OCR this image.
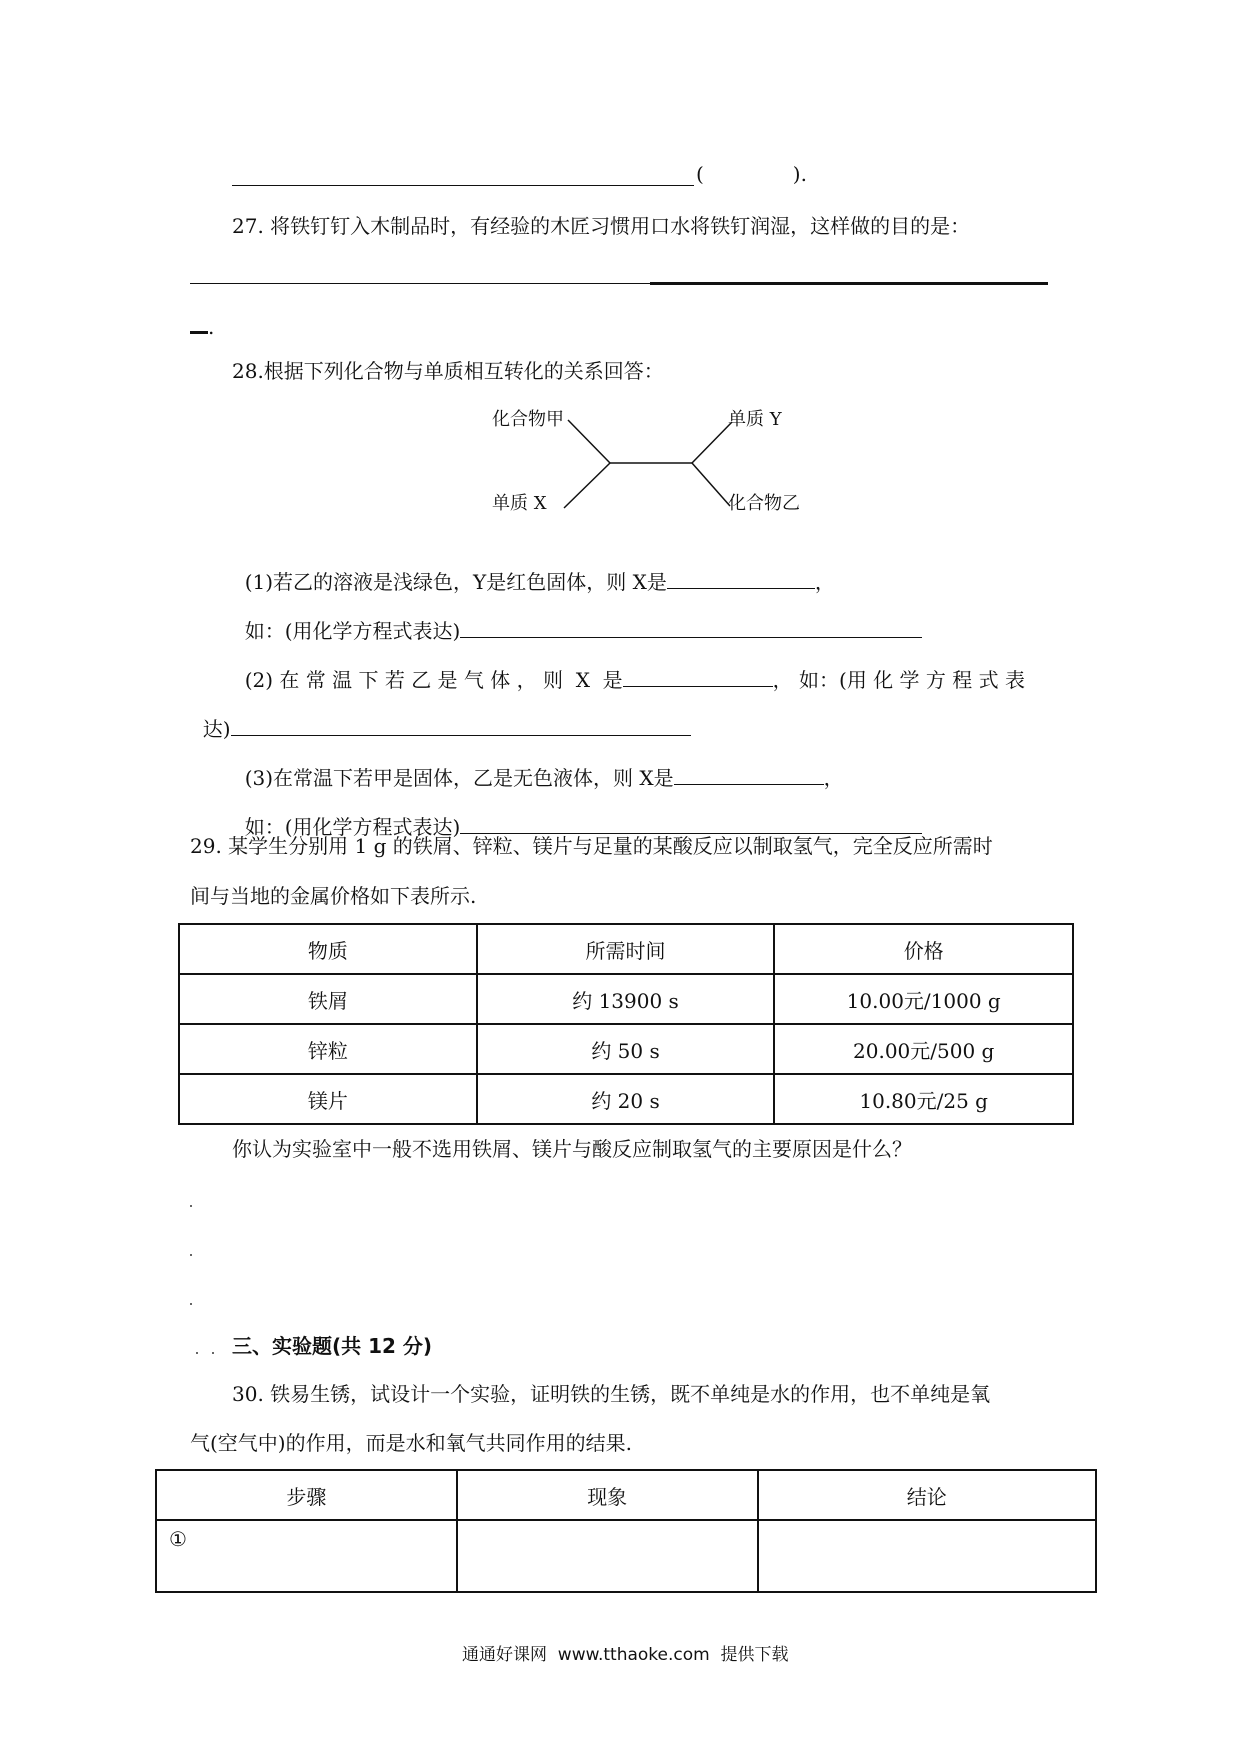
(              ).
27. 将铁钉钉入木制品时，有经验的木匠习惯用口水将铁钉润湿，这样做的目的是：
.
28.根据下列化合物与单质相互转化的关系回答：
化合物甲	单质 Y
单质 X	化合物乙

(1)若乙的溶液是浅绿色，Y是红色固体，则 X是	，

如：(用化学方程式表达)

(2) 在 常 温 下 若 乙 是 气 体 ， 则  X  是	， 如：(用 化 学 方 程 式 表

达)

(3)在常温下若甲是固体，乙是无色液体，则 X是	，

如：(用化学方程式表达)

29. 某学生分别用 1 g 的铁屑、锌粒、镁片与足量的某酸反应以制取氢气，完全反应所需时
间与当地的金属价格如下表所示.
物质	所需时间	价格
铁屑	约 13900 s	10.00元/1000 g
锌粒	约 50 s	20.00元/500 g
镁片	约 20 s	10.80元/25 g
你认为实验室中一般不选用铁屑、镁片与酸反应制取氢气的主要原因是什么？
三、实验题(共 12 分)
30. 铁易生锈，试设计一个实验，证明铁的生锈，既不单纯是水的作用，也不单纯是氧
气(空气中)的作用，而是水和氧气共同作用的结果.
步骤	现象	结论
①		
通通好课网  www.tthaoke.com  提供下载
